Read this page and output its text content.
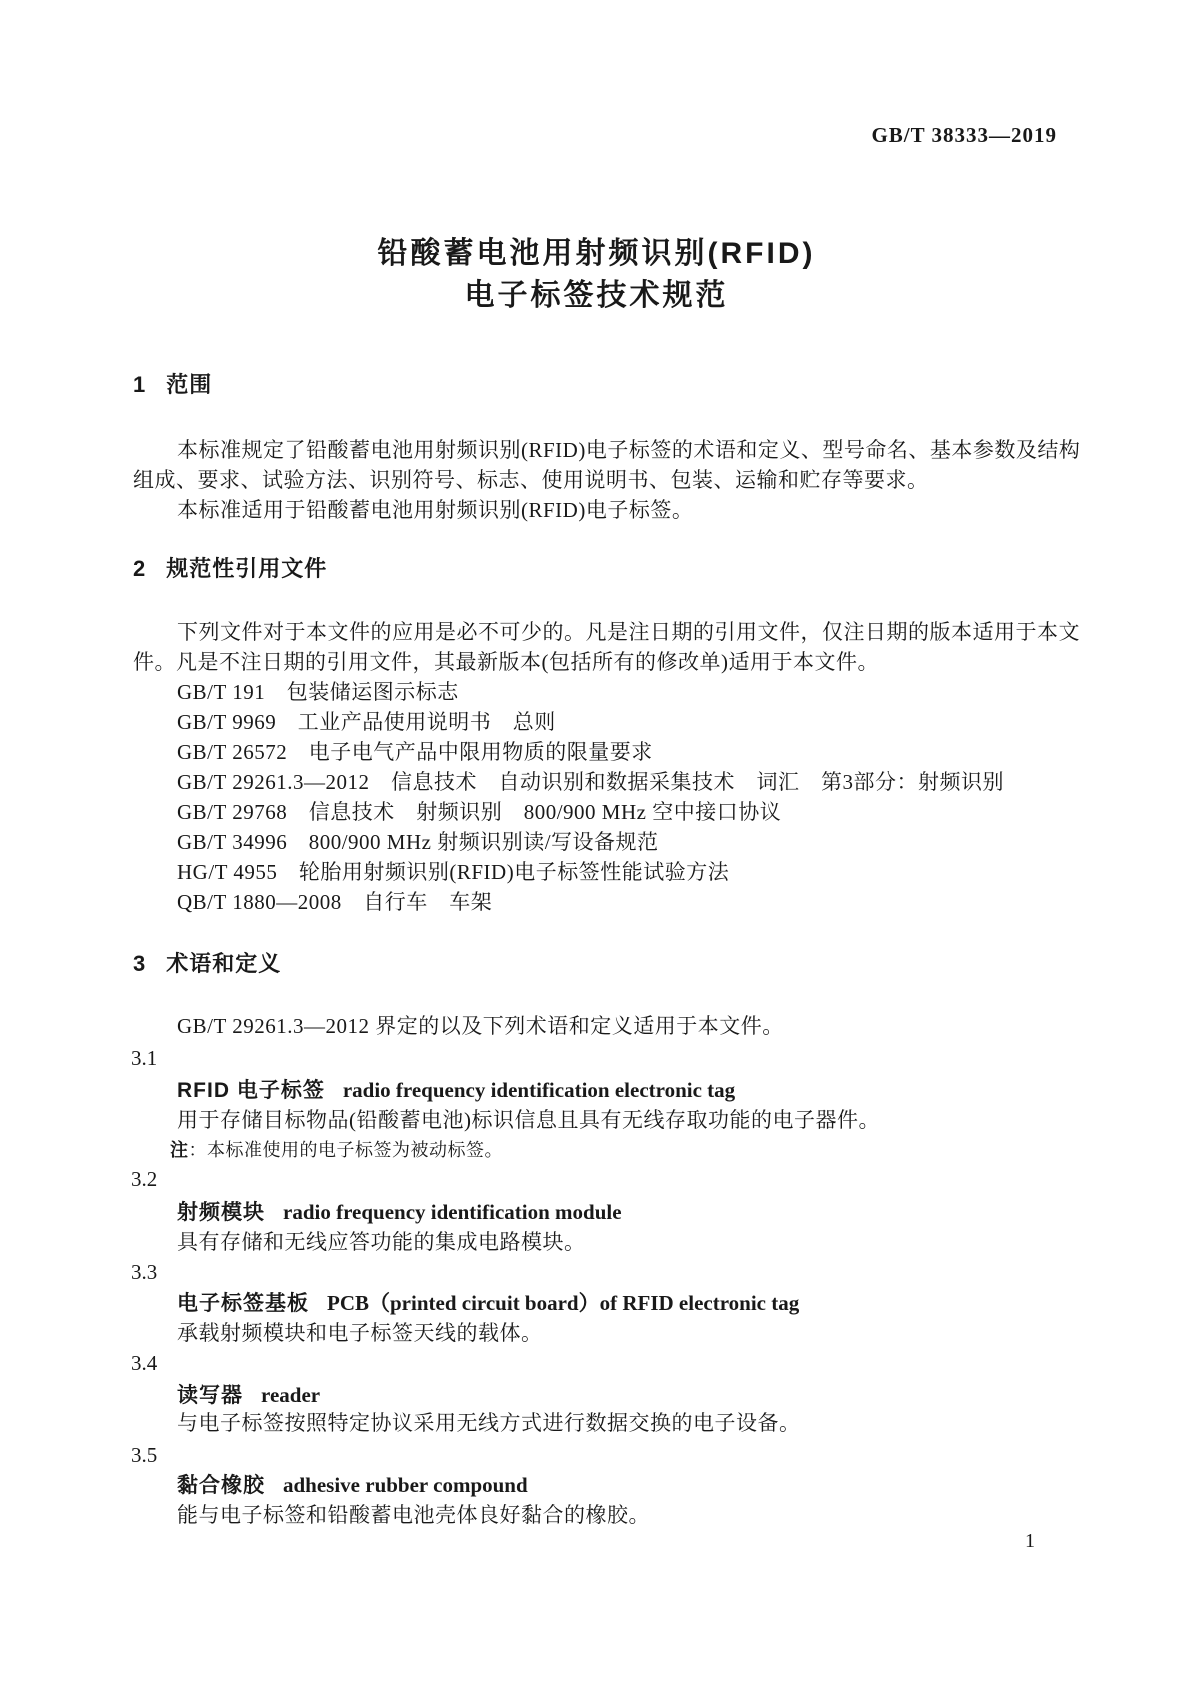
GB/T 38333—2019
铅酸蓄电池用射频识别(RFID)
电子标签技术规范
1 范围
本标准规定了铅酸蓄电池用射频识别(RFID)电子标签的术语和定义、型号命名、基本参数及结构
组成、要求、试验方法、识别符号、标志、使用说明书、包装、运输和贮存等要求。
本标准适用于铅酸蓄电池用射频识别(RFID)电子标签。
2 规范性引用文件
下列文件对于本文件的应用是必不可少的。凡是注日期的引用文件，仅注日期的版本适用于本文
件。凡是不注日期的引用文件，其最新版本(包括所有的修改单)适用于本文件。
GB/T 191　包装储运图示标志
GB/T 9969　工业产品使用说明书　总则
GB/T 26572　电子电气产品中限用物质的限量要求
GB/T 29261.3—2012　信息技术　自动识别和数据采集技术　词汇　第3部分：射频识别
GB/T 29768　信息技术　射频识别　800/900 MHz 空中接口协议
GB/T 34996　800/900 MHz 射频识别读/写设备规范
HG/T 4955　轮胎用射频识别(RFID)电子标签性能试验方法
QB/T 1880—2008　自行车　车架
3 术语和定义
GB/T 29261.3—2012 界定的以及下列术语和定义适用于本文件。
3.1
RFID 电子标签 radio frequency identification electronic tag
用于存储目标物品(铅酸蓄电池)标识信息且具有无线存取功能的电子器件。
注：本标准使用的电子标签为被动标签。
3.2
射频模块 radio frequency identification module
具有存储和无线应答功能的集成电路模块。
3.3
电子标签基板 PCB（printed circuit board）of RFID electronic tag
承载射频模块和电子标签天线的载体。
3.4
读写器 reader
与电子标签按照特定协议采用无线方式进行数据交换的电子设备。
3.5
黏合橡胶 adhesive rubber compound
能与电子标签和铅酸蓄电池壳体良好黏合的橡胶。
1
